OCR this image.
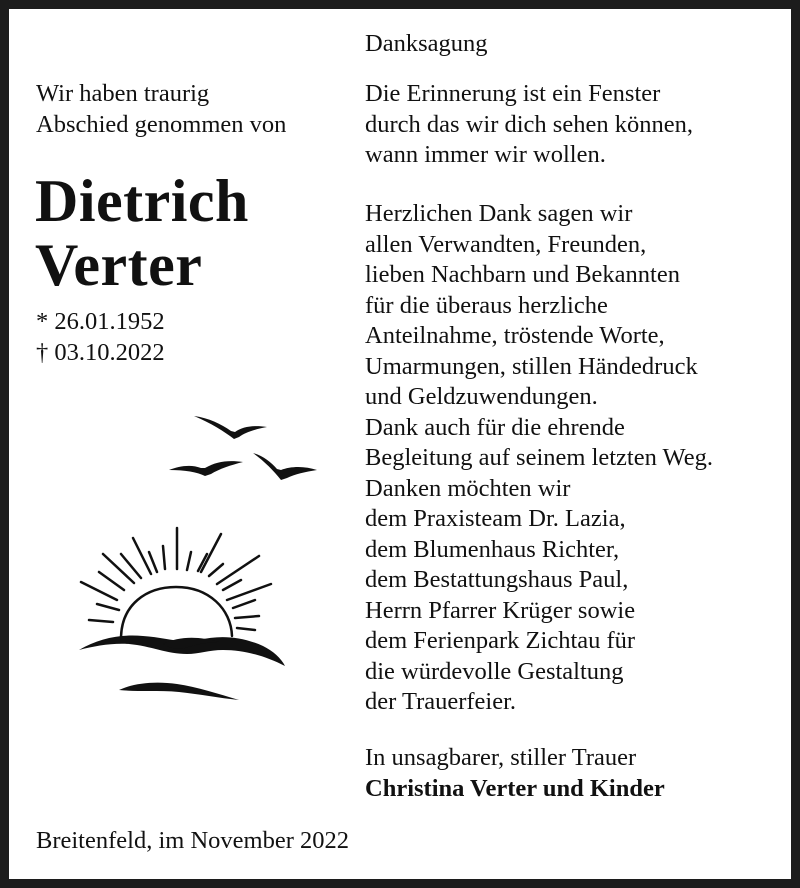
Wir haben traurig
Abschied genommen von
Dietrich
Verter
* 26.01.1952
† 03.10.2022
Danksagung
Die Erinnerung ist ein Fenster
durch das wir dich sehen können,
wann immer wir wollen.
Herzlichen Dank sagen wir
allen Verwandten, Freunden,
lieben Nachbarn und Bekannten
für die überaus herzliche
Anteilnahme, tröstende Worte,
Umarmungen, stillen Händedruck
und Geldzuwendungen.
Dank auch für die ehrende
Begleitung auf seinem letzten Weg.
Danken möchten wir
dem Praxisteam Dr. Lazia,
dem Blumenhaus Richter,
dem Bestattungshaus Paul,
Herrn Pfarrer Krüger sowie
dem Ferienpark Zichtau für
die würdevolle Gestaltung
der Trauerfeier.
In unsagbarer, stiller Trauer
Christina Verter und Kinder
Breitenfeld, im November 2022
